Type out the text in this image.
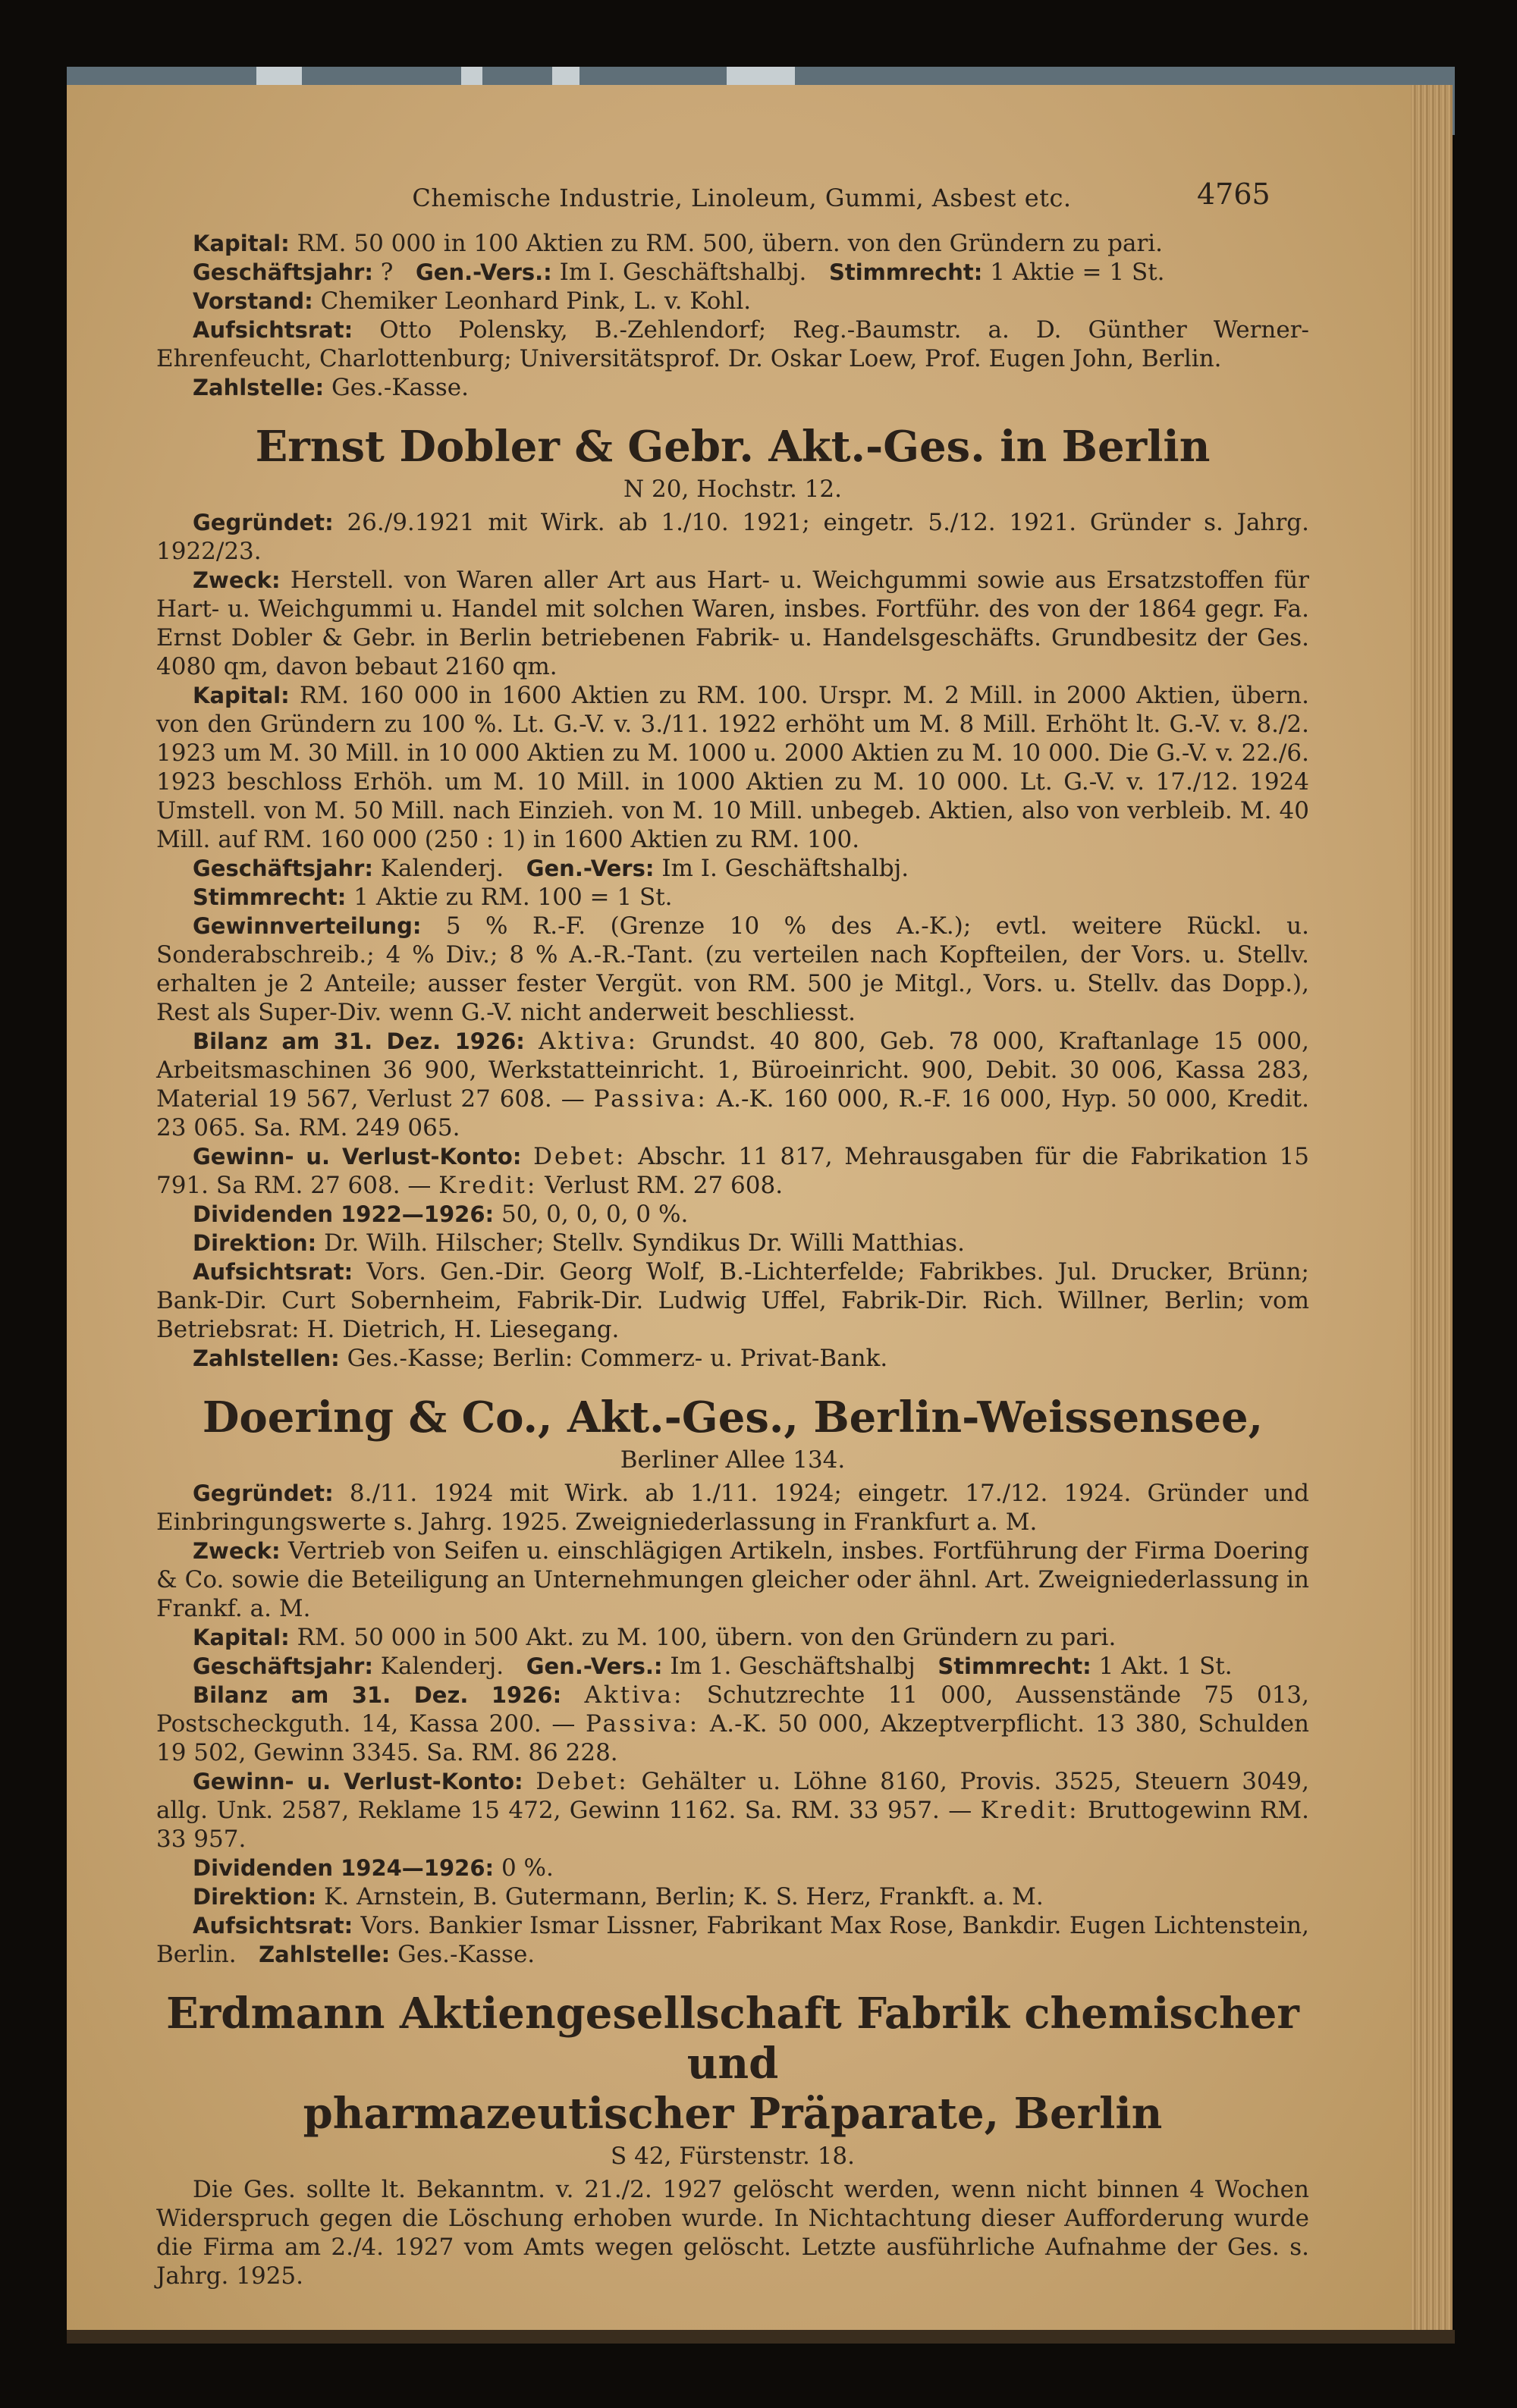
Chemische Industrie, Linoleum, Gummi, Asbest etc.	4765

Kapital: RM. 50 000 in 100 Aktien zu RM. 500, übern. von den Gründern zu pari.

Geschäftsjahr: ? Gen.-Vers.: Im I. Geschäftshalbj. Stimmrecht: 1 Aktie = 1 St.

Vorstand: Chemiker Leonhard Pink, L. v. Kohl.

Aufsichtsrat: Otto Polensky, B.-Zehlendorf; Reg.-Baumstr. a. D. Günther Werner-Ehrenfeucht, Charlottenburg; Universitätsprof. Dr. Oskar Loew, Prof. Eugen John, Berlin.

Zahlstelle: Ges.-Kasse.

Ernst Dobler & Gebr. Akt.-Ges. in Berlin
N 20, Hochstr. 12.

Gegründet: 26./9.1921 mit Wirk. ab 1./10. 1921; eingetr. 5./12. 1921. Gründer s. Jahrg. 1922/23.

Zweck: Herstell. von Waren aller Art aus Hart- u. Weichgummi sowie aus Ersatzstoffen für Hart- u. Weichgummi u. Handel mit solchen Waren, insbes. Fortführ. des von der 1864 gegr. Fa. Ernst Dobler & Gebr. in Berlin betriebenen Fabrik- u. Handelsgeschäfts. Grundbesitz der Ges. 4080 qm, davon bebaut 2160 qm.

Kapital: RM. 160 000 in 1600 Aktien zu RM. 100. Urspr. M. 2 Mill. in 2000 Aktien, übern. von den Gründern zu 100 %. Lt. G.-V. v. 3./11. 1922 erhöht um M. 8 Mill. Erhöht lt. G.-V. v. 8./2. 1923 um M. 30 Mill. in 10 000 Aktien zu M. 1000 u. 2000 Aktien zu M. 10 000. Die G.-V. v. 22./6. 1923 beschloss Erhöh. um M. 10 Mill. in 1000 Aktien zu M. 10 000. Lt. G.-V. v. 17./12. 1924 Umstell. von M. 50 Mill. nach Einzieh. von M. 10 Mill. unbegeb. Aktien, also von verbleib. M. 40 Mill. auf RM. 160 000 (250 : 1) in 1600 Aktien zu RM. 100.

Geschäftsjahr: Kalenderj. Gen.-Vers: Im I. Geschäftshalbj.

Stimmrecht: 1 Aktie zu RM. 100 = 1 St.

Gewinnverteilung: 5 % R.-F. (Grenze 10 % des A.-K.); evtl. weitere Rückl. u. Sonderabschreib.; 4 % Div.; 8 % A.-R.-Tant. (zu verteilen nach Kopfteilen, der Vors. u. Stellv. erhalten je 2 Anteile; ausser fester Vergüt. von RM. 500 je Mitgl., Vors. u. Stellv. das Dopp.), Rest als Super-Div. wenn G.-V. nicht anderweit beschliesst.

Bilanz am 31. Dez. 1926: Aktiva: Grundst. 40 800, Geb. 78 000, Kraftanlage 15 000, Arbeitsmaschinen 36 900, Werkstatteinricht. 1, Büroeinricht. 900, Debit. 30 006, Kassa 283, Material 19 567, Verlust 27 608. — Passiva: A.-K. 160 000, R.-F. 16 000, Hyp. 50 000, Kredit. 23 065. Sa. RM. 249 065.

Gewinn- u. Verlust-Konto: Debet: Abschr. 11 817, Mehrausgaben für die Fabrikation 15 791. Sa RM. 27 608. — Kredit: Verlust RM. 27 608.

Dividenden 1922—1926: 50, 0, 0, 0, 0 %.

Direktion: Dr. Wilh. Hilscher; Stellv. Syndikus Dr. Willi Matthias.

Aufsichtsrat: Vors. Gen.-Dir. Georg Wolf, B.-Lichterfelde; Fabrikbes. Jul. Drucker, Brünn; Bank-Dir. Curt Sobernheim, Fabrik-Dir. Ludwig Uffel, Fabrik-Dir. Rich. Willner, Berlin; vom Betriebsrat: H. Dietrich, H. Liesegang.

Zahlstellen: Ges.-Kasse; Berlin: Commerz- u. Privat-Bank.

Doering & Co., Akt.-Ges., Berlin-Weissensee,
Berliner Allee 134.

Gegründet: 8./11. 1924 mit Wirk. ab 1./11. 1924; eingetr. 17./12. 1924. Gründer und Einbringungswerte s. Jahrg. 1925. Zweigniederlassung in Frankfurt a. M.

Zweck: Vertrieb von Seifen u. einschlägigen Artikeln, insbes. Fortführung der Firma Doering & Co. sowie die Beteiligung an Unternehmungen gleicher oder ähnl. Art. Zweigniederlassung in Frankf. a. M.

Kapital: RM. 50 000 in 500 Akt. zu M. 100, übern. von den Gründern zu pari.

Geschäftsjahr: Kalenderj. Gen.-Vers.: Im 1. Geschäftshalbj Stimmrecht: 1 Akt. 1 St.

Bilanz am 31. Dez. 1926: Aktiva: Schutzrechte 11 000, Aussenstände 75 013, Postscheckguth. 14, Kassa 200. — Passiva: A.-K. 50 000, Akzeptverpflicht. 13 380, Schulden 19 502, Gewinn 3345. Sa. RM. 86 228.

Gewinn- u. Verlust-Konto: Debet: Gehälter u. Löhne 8160, Provis. 3525, Steuern 3049, allg. Unk. 2587, Reklame 15 472, Gewinn 1162. Sa. RM. 33 957. — Kredit: Bruttogewinn RM. 33 957.

Dividenden 1924—1926: 0 %.

Direktion: K. Arnstein, B. Gutermann, Berlin; K. S. Herz, Frankft. a. M.

Aufsichtsrat: Vors. Bankier Ismar Lissner, Fabrikant Max Rose, Bankdir. Eugen Lichtenstein, Berlin. Zahlstelle: Ges.-Kasse.

Erdmann Aktiengesellschaft Fabrik chemischer und
pharmazeutischer Präparate, Berlin
S 42, Fürstenstr. 18.

Die Ges. sollte lt. Bekanntm. v. 21./2. 1927 gelöscht werden, wenn nicht binnen 4 Wochen Widerspruch gegen die Löschung erhoben wurde. In Nichtachtung dieser Aufforderung wurde die Firma am 2./4. 1927 vom Amts wegen gelöscht. Letzte ausführliche Aufnahme der Ges. s. Jahrg. 1925.
